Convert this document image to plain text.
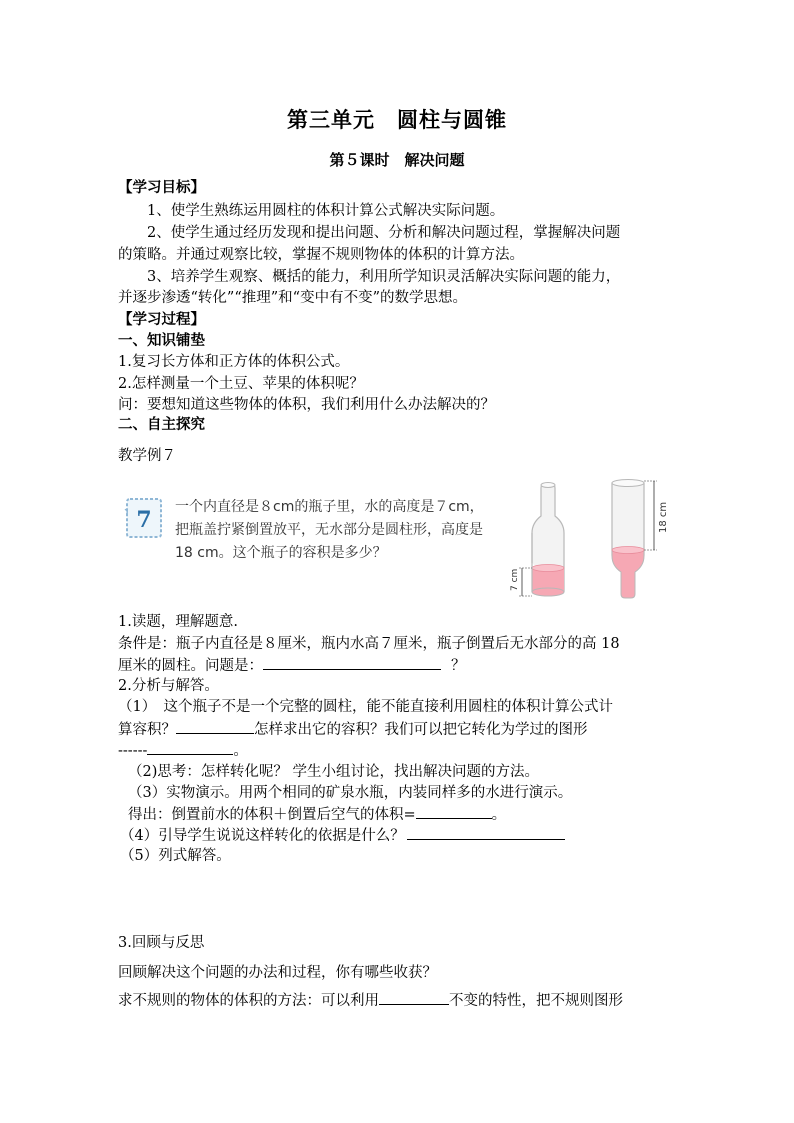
第三单元　圆柱与圆锥
第５课时　解决问题
【学习目标】
1、使学生熟练运用圆柱的体积计算公式解决实际问题。
2、使学生通过经历发现和提出问题、分析和解决问题过程，掌握解决问题
的策略。并通过观察比较，掌握不规则物体的体积的计算方法。
3、培养学生观察、概括的能力，利用所学知识灵活解决实际问题的能力，
并逐步渗透“转化”“推理”和“变中有不变”的数学思想。
【学习过程】
一、知识铺垫
1.复习长方体和正方体的体积公式。
2.怎样测量一个土豆、苹果的体积呢？
问：要想知道这些物体的体积，我们利用什么办法解决的？
二、自主探究
教学例７
7 一个内直径是８cm的瓶子里，水的高度是７cm，
把瓶盖拧紧倒置放平，无水部分是圆柱形，高度是
18 cm。这个瓶子的容积是多少？
7 cm
18 cm
1.读题，理解题意.
条件是：瓶子内直径是８厘米，瓶内水高７厘米，瓶子倒置后无水部分的高 18
厘米的圆柱。问题是：	？
2.分析与解答。
（1）　这个瓶子不是一个完整的圆柱，能不能直接利用圆柱的体积计算公式计
算容积？	怎样求出它的容积？我们可以把它转化为学过的图形
------	。
（2)思考：怎样转化呢？ 学生小组讨论，找出解决问题的方法。
（3）实物演示。用两个相同的矿泉水瓶，内装同样多的水进行演示。
得出：倒置前水的体积＋倒置后空气的体积=	。
（4）引导学生说说这样转化的依据是什么？
（5）列式解答。
3.回顾与反思
回顾解决这个问题的办法和过程，你有哪些收获？
求不规则的物体的体积的方法：可以利用	不变的特性，把不规则图形
